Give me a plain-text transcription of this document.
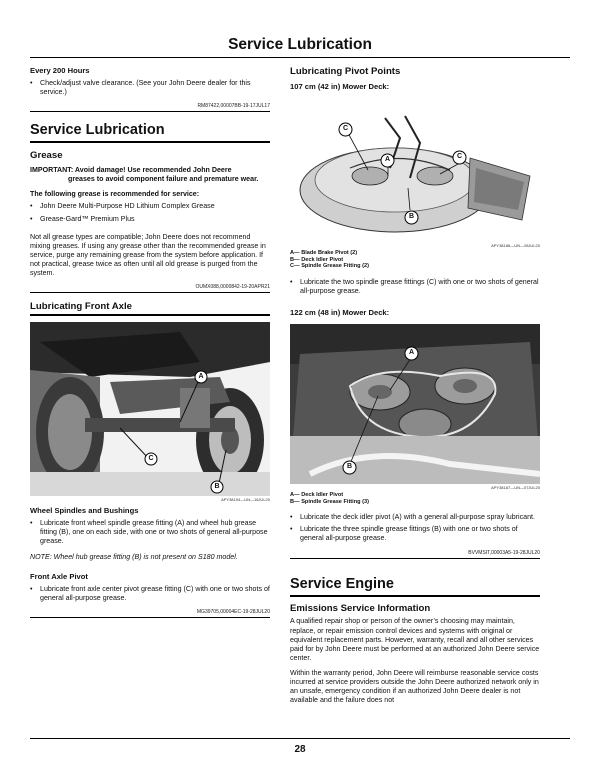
Service Lubrication
Every 200 Hours
• Check/adjust valve clearance. (See your John Deere dealer for this service.)
RM87422,00007BB-19-17JUL17
Service Lubrication
Grease
IMPORTANT: Avoid damage! Use recommended John Deere
greases to avoid component failure and premature wear.
The following grease is recommended for service:
• John Deere Multi-Purpose HD Lithium Complex Grease
• Grease-Gard™ Premium Plus
Not all grease types are compatible; John Deere does not recommend mixing greases. If using any grease other than the recommended grease in service, purge any remaining grease from the system before application. If not practical, grease twice as often until all old grease is purged from the system.
OUMX088,0000842-19-20APR21
Lubricating Front Axle
A
C
B
APY38194—UN—16JUL20
Wheel Spindles and Bushings
• Lubricate front wheel spindle grease fitting (A) and wheel hub grease fitting (B), one on each side, with one or two shots of general all-purpose grease.
NOTE: Wheel hub grease fitting (B) is not present on S180 model.
Front Axle Pivot
• Lubricate front axle center pivot grease fitting (C) with one or two shots of general all-purpose grease.
MG39705,00004EC-19-28JUL20
Lubricating Pivot Points
107 cm (42 in) Mower Deck:
C
A	C
B
APY38186—UN—28JUL20
A— Blade Brake Pivot (2)
B— Deck Idler Pivot
C— Spindle Grease Fitting (2)
• Lubricate the two spindle grease fittings (C) with one or two shots of general all-purpose grease.
122 cm (48 in) Mower Deck:
A
B
APY38187—UN—07JUL20
A— Deck Idler Pivot
B— Spindle Grease Fitting (3)
• Lubricate the deck idler pivot (A) with a general all-purpose spray lubricant.
• Lubricate the three spindle grease fittings (B) with one or two shots of general all-purpose grease.
BVVMSIT,00003A5-19-28JUL20
Service Engine
Emissions Service Information
A qualified repair shop or person of the owner’s choosing may maintain, replace, or repair emission control devices and systems with original or equivalent replacement parts. However, warranty, recall and all other services paid for by John Deere must be performed at an authorized John Deere service center.
Within the warranty period, John Deere will reimburse reasonable service costs incurred at service providers outside the John Deere authorized network only in an unsafe, emergency condition if an authorized John Deere dealer is not available and the failure does not
28
